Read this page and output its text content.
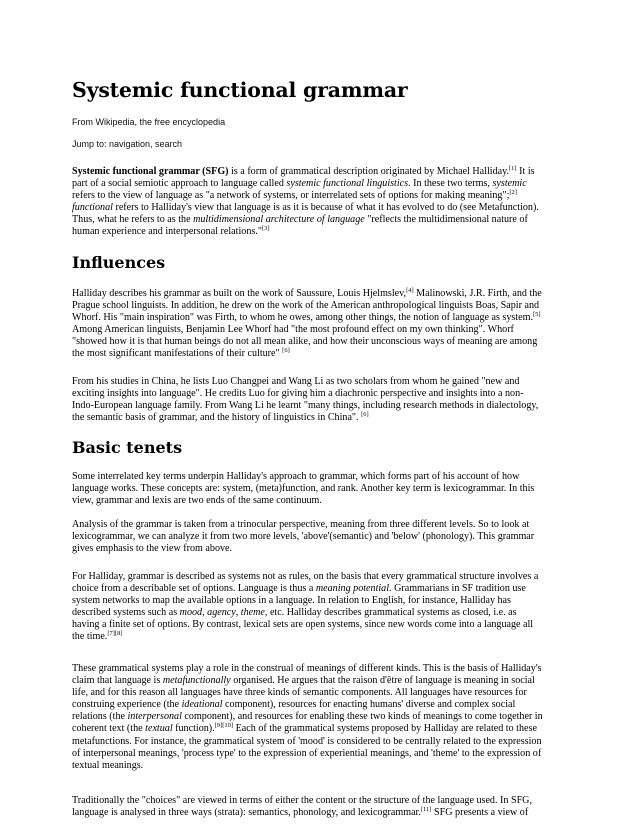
Systemic functional grammar
From Wikipedia, the free encyclopedia
Jump to: navigation, search

Systemic functional grammar (SFG) is a form of grammatical description originated by Michael Halliday.[1] It is
part of a social semiotic approach to language called systemic functional linguistics. In these two terms, systemic
refers to the view of language as "a network of systems, or interrelated sets of options for making meaning";[2]
functional refers to Halliday's view that language is as it is because of what it has evolved to do (see Metafunction).
Thus, what he refers to as the multidimensional architecture of language "reflects the multidimensional nature of
human experience and interpersonal relations."[3]

Influences

Halliday describes his grammar as built on the work of Saussure, Louis Hjelmslev,[4] Malinowski, J.R. Firth, and the
Prague school linguists. In addition, he drew on the work of the American anthropological linguists Boas, Sapir and
Whorf. His "main inspiration" was Firth, to whom he owes, among other things, the notion of language as system.[5]
Among American linguists, Benjamin Lee Whorf had "the most profound effect on my own thinking". Whorf
"showed how it is that human beings do not all mean alike, and how their unconscious ways of meaning are among
the most significant manifestations of their culture" [6]

From his studies in China, he lists Luo Changpei and Wang Li as two scholars from whom he gained "new and
exciting insights into language". He credits Luo for giving him a diachronic perspective and insights into a non-
Indo-European language family. From Wang Li he learnt "many things, including research methods in dialectology,
the semantic basis of grammar, and the history of linguistics in China". [6]

Basic tenets

Some interrelated key terms underpin Halliday's approach to grammar, which forms part of his account of how
language works. These concepts are: system, (meta)function, and rank. Another key term is lexicogrammar. In this
view, grammar and lexis are two ends of the same continuum.

Analysis of the grammar is taken from a trinocular perspective, meaning from three different levels. So to look at
lexicogrammar, we can analyze it from two more levels, 'above'(semantic) and 'below' (phonology). This grammar
gives emphasis to the view from above.

For Halliday, grammar is described as systems not as rules, on the basis that every grammatical structure involves a
choice from a describable set of options. Language is thus a meaning potential. Grammarians in SF tradition use
system networks to map the available options in a language. In relation to English, for instance, Halliday has
described systems such as mood, agency, theme, etc. Halliday describes grammatical systems as closed, i.e. as
having a finite set of options. By contrast, lexical sets are open systems, since new words come into a language all
the time.[7][8]

These grammatical systems play a role in the construal of meanings of different kinds. This is the basis of Halliday's
claim that language is metafunctionally organised. He argues that the raison d'être of language is meaning in social
life, and for this reason all languages have three kinds of semantic components. All languages have resources for
construing experience (the ideational component), resources for enacting humans' diverse and complex social
relations (the interpersonal component), and resources for enabling these two kinds of meanings to come together in
coherent text (the textual function).[9][10] Each of the grammatical systems proposed by Halliday are related to these
metafunctions. For instance, the grammatical system of 'mood' is considered to be centrally related to the expression
of interpersonal meanings, 'process type' to the expression of experiential meanings, and 'theme' to the expression of
textual meanings.

Traditionally the "choices" are viewed in terms of either the content or the structure of the language used. In SFG,
language is analysed in three ways (strata): semantics, phonology, and lexicogrammar.[11] SFG presents a view of
